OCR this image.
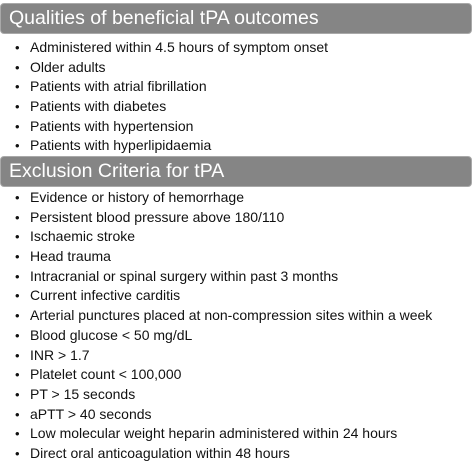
Qualities of beneficial tPA outcomes
• Administered within 4.5 hours of symptom onset
• Older adults
• Patients with atrial fibrillation
• Patients with diabetes
• Patients with hypertension
• Patients with hyperlipidaemia
Exclusion Criteria for tPA
• Evidence or history of hemorrhage
• Persistent blood pressure above 180/110
• Ischaemic stroke
• Head trauma
• Intracranial or spinal surgery within past 3 months
• Current infective carditis
• Arterial punctures placed at non-compression sites within a week
• Blood glucose < 50 mg/dL
• INR > 1.7
• Platelet count < 100,000
• PT > 15 seconds
• aPTT > 40 seconds
• Low molecular weight heparin administered within 24 hours
• Direct oral anticoagulation within 48 hours
